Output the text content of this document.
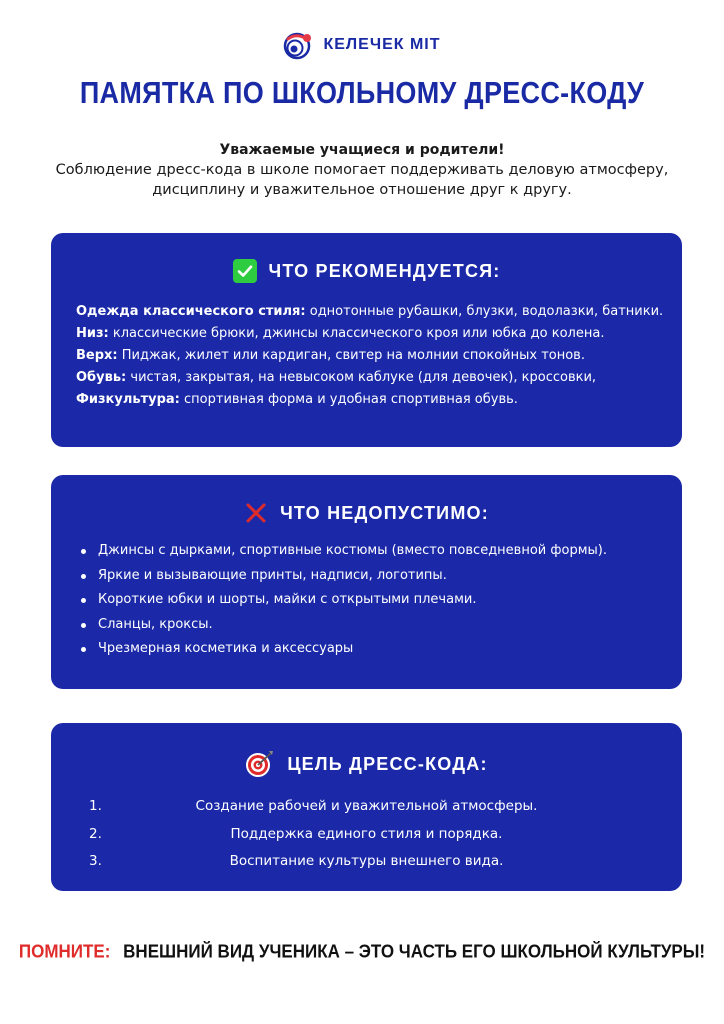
КЕЛЕЧЕК МІТ
ПАМЯТКА ПО ШКОЛЬНОМУ ДРЕСС-КОДУ
Уважаемые учащиеся и родители!
Соблюдение дресс-кода в школе помогает поддерживать деловую атмосферу, дисциплину и уважительное отношение друг к другу.
ЧТО РЕКОМЕНДУЕТСЯ:
Одежда классического стиля: однотонные рубашки, блузки, водолазки, батники.
Низ: классические брюки, джинсы классического кроя или юбка до колена.
Верх: Пиджак, жилет или кардиган, свитер на молнии спокойных тонов.
Обувь: чистая, закрытая, на невысоком каблуке (для девочек), кроссовки,
Физкультура: спортивная форма и удобная спортивная обувь.
ЧТО НЕДОПУСТИМО:
Джинсы с дырками, спортивные костюмы (вместо повседневной формы).
Яркие и вызывающие принты, надписи, логотипы.
Короткие юбки и шорты, майки с открытыми плечами.
Сланцы, кроксы.
Чрезмерная косметика и аксессуары
ЦЕЛЬ ДРЕСС-КОДА:
1.	Создание рабочей и уважительной атмосферы.
2.	Поддержка единого стиля и порядка.
3.	Воспитание культуры внешнего вида.
ПОМНИТЕ: ВНЕШНИЙ ВИД УЧЕНИКА – ЭТО ЧАСТЬ ЕГО ШКОЛЬНОЙ КУЛЬТУРЫ!
